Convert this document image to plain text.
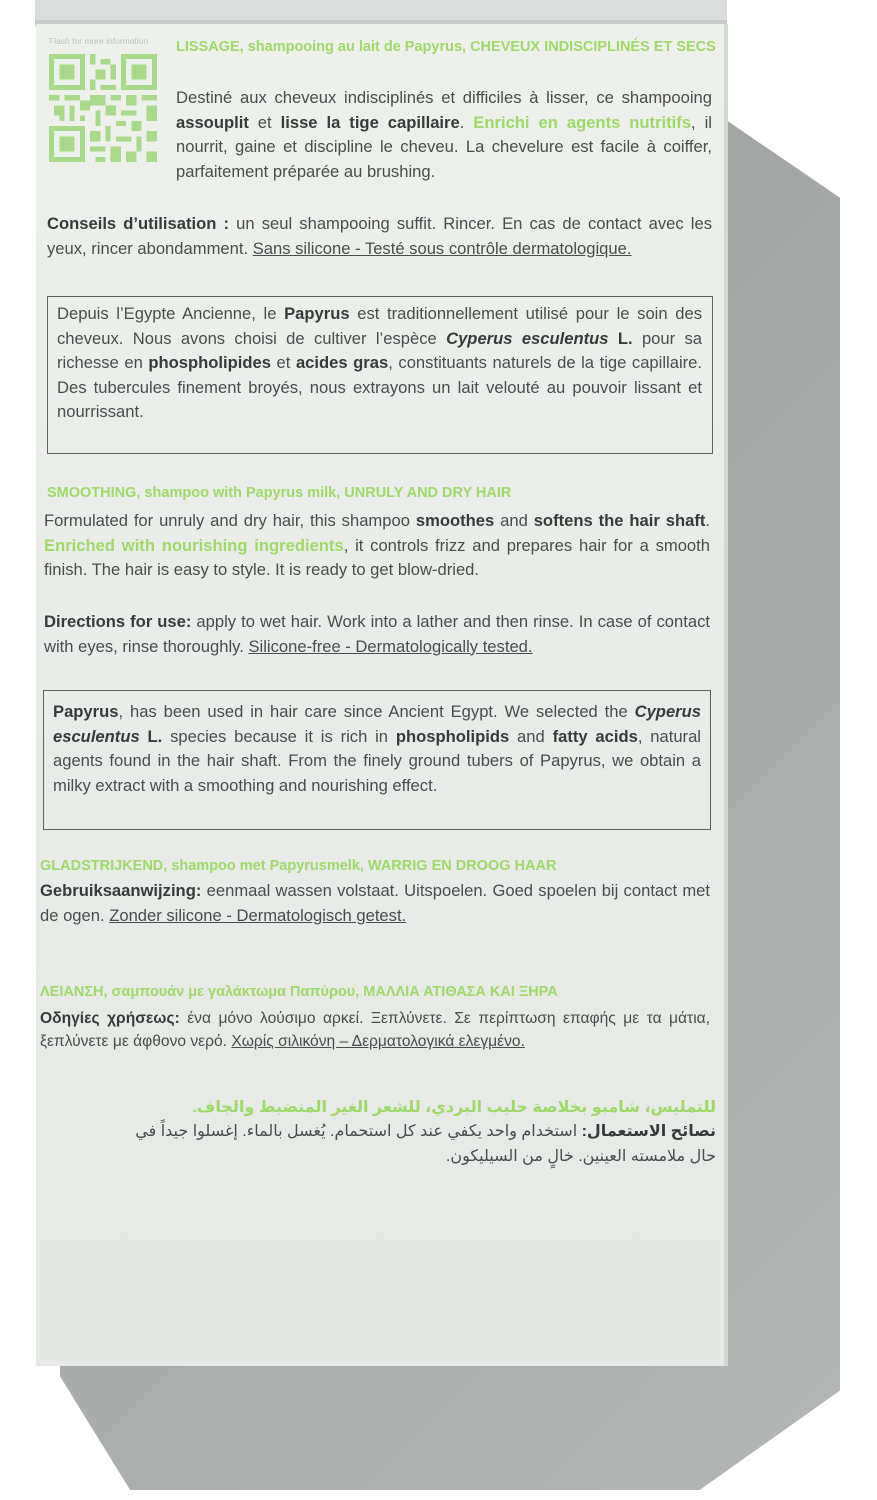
Flash for more information LISSAGE, shampooing au lait de Papyrus, CHEVEUX INDISCIPLINÉS ET SECS
Destiné aux cheveux indisciplinés et difficiles à lisser, ce shampooing assouplit et lisse la tige capillaire. Enrichi en agents nutritifs, il nourrit, gaine et discipline le cheveu. La chevelure est facile à coiffer, parfaitement préparée au brushing.
Conseils d’utilisation : un seul shampooing suffit. Rincer. En cas de contact avec les yeux, rincer abondamment. Sans silicone - Testé sous contrôle dermatologique.
Depuis l’Egypte Ancienne, le Papyrus est traditionnellement utilisé pour le soin des cheveux. Nous avons choisi de cultiver l’espèce Cyperus esculentus L. pour sa richesse en phospholipides et acides gras, constituants naturels de la tige capillaire. Des tubercules finement broyés, nous extrayons un lait velouté au pouvoir lissant et nourrissant.
SMOOTHING, shampoo with Papyrus milk, UNRULY AND DRY HAIR
Formulated for unruly and dry hair, this shampoo smoothes and softens the hair shaft. Enriched with nourishing ingredients, it controls frizz and prepares hair for a smooth finish. The hair is easy to style. It is ready to get blow-dried.
Directions for use: apply to wet hair. Work into a lather and then rinse. In case of contact with eyes, rinse thoroughly. Silicone-free - Dermatologically tested.
Papyrus, has been used in hair care since Ancient Egypt. We selected the Cyperus esculentus L. species because it is rich in phospholipids and fatty acids, natural agents found in the hair shaft. From the finely ground tubers of Papyrus, we obtain a milky extract with a smoothing and nourishing effect.
GLADSTRIJKEND, shampoo met Papyrusmelk, WARRIG EN DROOG HAAR
Gebruiksaanwijzing: eenmaal wassen volstaat. Uitspoelen. Goed spoelen bij contact met de ogen. Zonder silicone - Dermatologisch getest.
ΛΕΙΑΝΣΗ, σαμπουάν με γαλάκτωμα Παπύρου, ΜΑΛΛΙΑ ΑΤΙΘΑΣΑ ΚΑΙ ΞΗΡΑ
Οδηγίες χρήσεως: ένα μόνο λούσιμο αρκεί. Ξεπλύνετε. Σε περίπτωση επαφής με τα μάτια, ξεπλύνετε με άφθονο νερό. Χωρίς σιλικόνη – Δερματολογικά ελεγμένο.
للتمليس، شامبو بخلاصة حليب البردي، للشعر الغير المنضبط والجاف.
نصائح الاستعمال: استخدام واحد يكفي عند كل استحمام. يُغسل بالماء. إغسلوا جيداً في حال ملامسته العينين. خالٍ من السيليكون.
